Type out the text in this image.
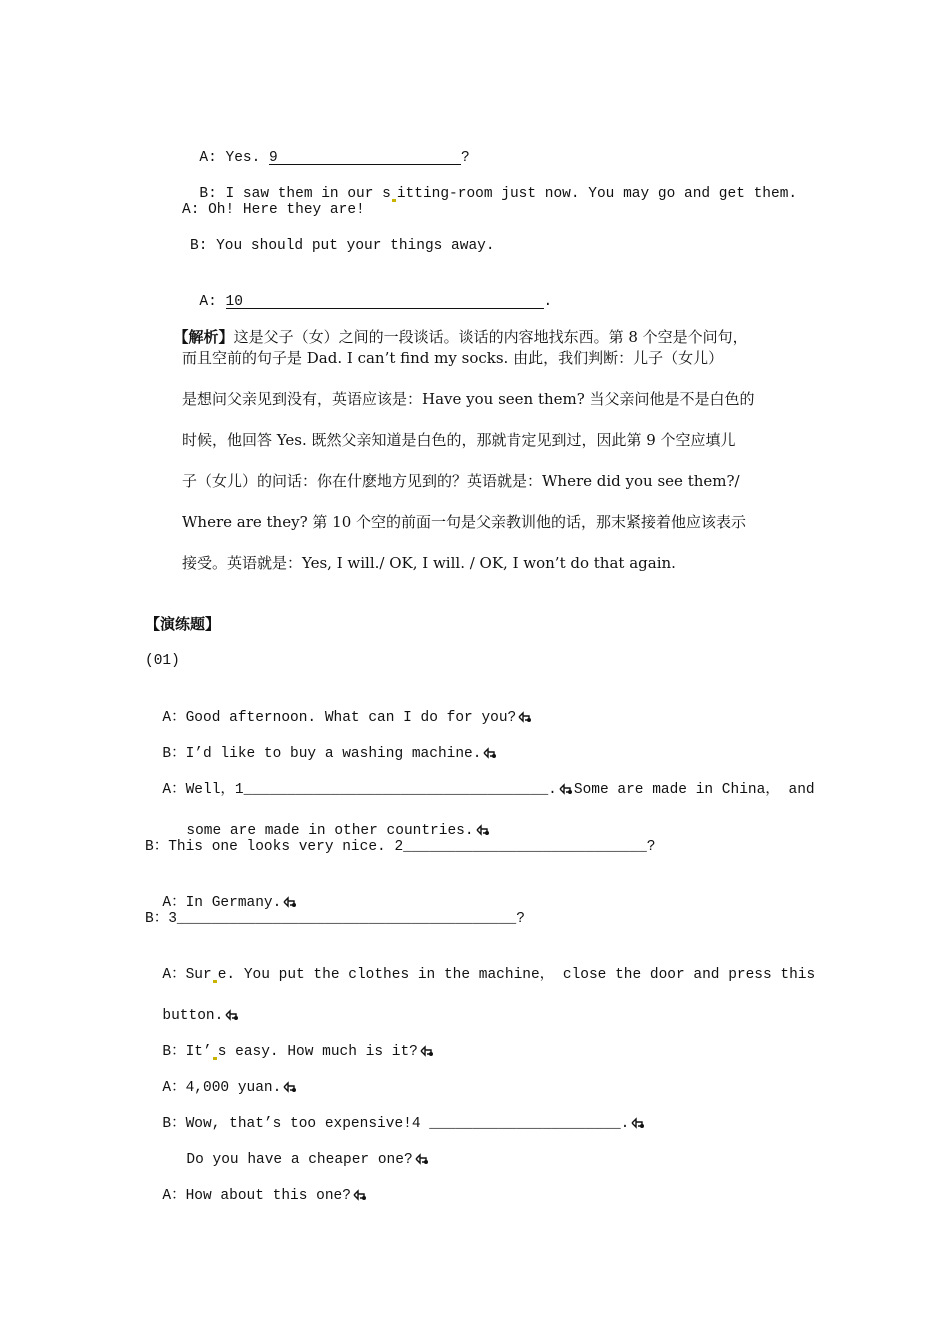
A: Yes. 9	?

B: I saw them in our s itting-room just now. You may go and get them.

A: Oh! Here they are!
B: You should put your things away.

A: 10	.

【解析】这是父子（女）之间的一段谈话。谈话的内容地找东西。第 8 个空是个问句，

而且空前的句子是 Dad. I can’t find my socks. 由此，我们判断：儿子（女儿）
是想问父亲见到没有，英语应该是：Have you seen them? 当父亲问他是不是白色的
时候，他回答 Yes. 既然父亲知道是白色的，那就肯定见到过，因此第 9 个空应填儿
子（女儿）的问话：你在什麽地方见到的？英语就是：Where did you see them?/
Where are they? 第 10 个空的前面一句是父亲教训他的话，那末紧接着他应该表示
接受。英语就是：Yes, I will./ OK, I will. / OK, I won’t do that again.
【演练题】
(01)

A：Good afternoon. What can I do for you?

B：I’d like to buy a washing machine.

A：Well，1___________________________________. Some are made in China， and

some are made in other countries.

B：This one looks very nice. 2____________________________?

A：In Germany.

B：3_______________________________________?

A：Sur e. You put the clothes in the machine， close the door and press this

button.

B：It’ s easy. How much is it?

A：4,000 yuan.

B：Wow, that’s too expensive!4 ______________________.

Do you have a cheaper one?

A：How about this one?
